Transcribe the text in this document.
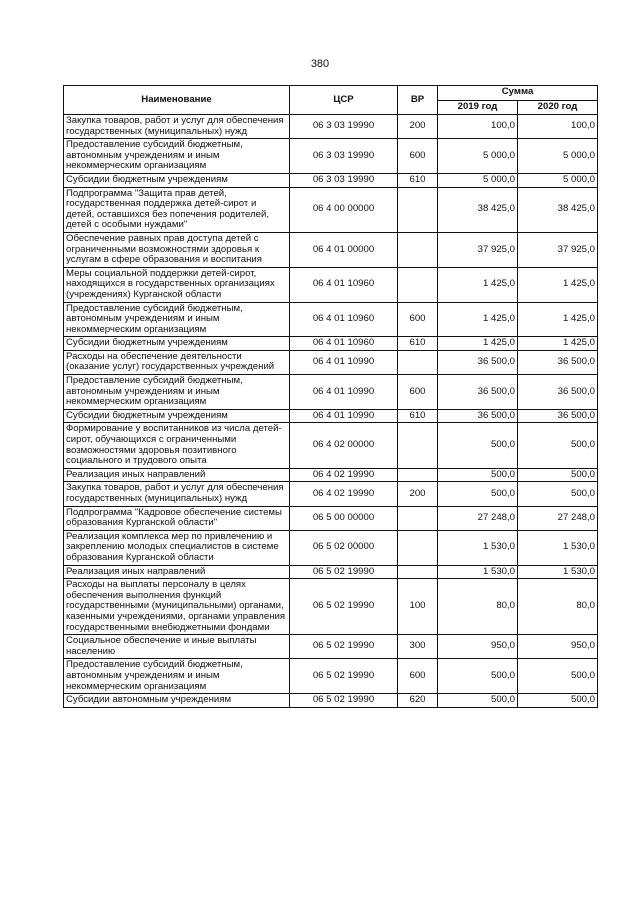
380
Наименование	ЦСР	ВР	Сумма	
			2019 год	2020 год
Закупка товаров, работ и услуг для обеспечения государственных (муниципальных) нужд	06 3 03 19990	200	100,0	100,0
Предоставление субсидий бюджетным, автономным учреждениям и иным некоммерческим организациям	06 3 03 19990	600	5 000,0	5 000,0
Субсидии бюджетным учреждениям	06 3 03 19990	610	5 000,0	5 000,0
Подпрограмма "Защита прав детей, государственная поддержка детей-сирот и детей, оставшихся без попечения родителей, детей с особыми нуждами"	06 4 00 00000		38 425,0	38 425,0
Обеспечение равных прав доступа детей с ограниченными возможностями здоровья к услугам в сфере образования и воспитания	06 4 01 00000		37 925,0	37 925,0
Меры социальной поддержки детей-сирот, находящихся в государственных организациях (учреждениях) Курганской области	06 4 01 10960		1 425,0	1 425,0
Предоставление субсидий бюджетным, автономным учреждениям и иным некоммерческим организациям	06 4 01 10960	600	1 425,0	1 425,0
Субсидии бюджетным учреждениям	06 4 01 10960	610	1 425,0	1 425,0
Расходы на обеспечение деятельности (оказание услуг) государственных учреждений	06 4 01 10990		36 500,0	36 500,0
Предоставление субсидий бюджетным, автономным учреждениям и иным некоммерческим организациям	06 4 01 10990	600	36 500,0	36 500,0
Субсидии бюджетным учреждениям	06 4 01 10990	610	36 500,0	36 500,0
Формирование у воспитанников из числа детей-сирот, обучающихся с ограниченными возможностями здоровья позитивного социального и трудового опыта	06 4 02 00000		500,0	500,0
Реализация иных направлений	06 4 02 19990		500,0	500,0
Закупка товаров, работ и услуг для обеспечения государственных (муниципальных) нужд	06 4 02 19990	200	500,0	500,0
Подпрограмма "Кадровое обеспечение системы образования Курганской области"	06 5 00 00000		27 248,0	27 248,0
Реализация комплекса мер по привлечению и закреплению молодых специалистов в системе образования Курганской области	06 5 02 00000		1 530,0	1 530,0
Реализация иных направлений	06 5 02 19990		1 530,0	1 530,0
Расходы на выплаты персоналу в целях обеспечения выполнения функций государственными (муниципальными) органами, казенными учреждениями, органами управления государственными внебюджетными фондами	06 5 02 19990	100	80,0	80,0
Социальное обеспечение и иные выплаты населению	06 5 02 19990	300	950,0	950,0
Предоставление субсидий бюджетным, автономным учреждениям и иным некоммерческим организациям	06 5 02 19990	600	500,0	500,0
Субсидии автономным учреждениям	06 5 02 19990	620	500,0	500,0
